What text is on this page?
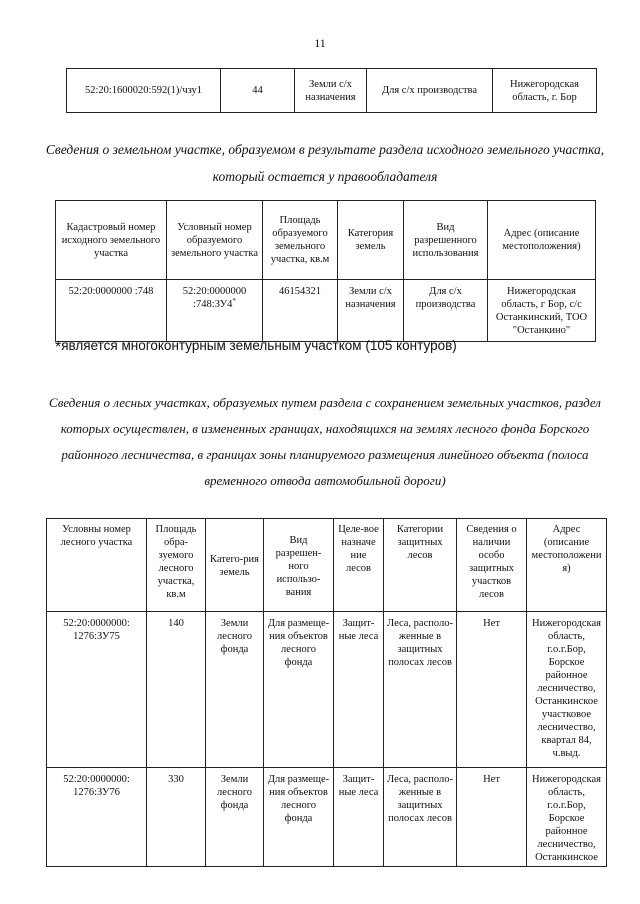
11
52:20:1600020:592(1)/чзу1	44	Земли с/х назначения	Для с/х производства	Нижегородская область, г. Бор
Сведения о земельном участке, образуемом в результате раздела исходного земельного участка, который остается у правообладателя
Кадастровый номер исходного земельного участка	Условный номер образуемого земельного участка	Площадь образуемого земельного участка, кв.м	Категория земель	Вид разрешенного использования	Адрес (описание местоположения)
52:20:0000000 :748	52:20:0000000 :748:ЗУ4*	46154321	Земли с/х назначения	Для с/х производства	Нижегородская область, г Бор, с/с Останкинский, ТОО "Останкино"
*является многоконтурным земельным участком (105 контуров)
Сведения о лесных участках, образуемых путем раздела с сохранением земельных участков, раздел которых осуществлен, в измененных границах, находящихся на землях лесного фонда Борского районного лесничества, в границах зоны планируемого размещения линейного объекта (полоса временного отвода автомобильной дороги)
Условны номер лесного участка	Площадь обра-зуемого лесного участка, кв.м	Катего-рия земель	Вид разрешен-ного использо-вания	Целе-вое назначе ние лесов	Категории защитных лесов	Сведения о наличии особо защитных участков лесов	Адрес (описание местоположени я)
52:20:0000000: 1276:ЗУ75	140	Земли лесного фонда	Для размеще-ния объектов лесного фонда	Защит-ные леса	Леса, располо-женные в защитных полосах лесов	Нет	Нижегородская область, г.о.г.Бор, Борское районное лесничество, Останкинское участковое лесничество, квартал 84, ч.выд.
52:20:0000000: 1276:ЗУ76	330	Земли лесного фонда	Для размеще-ния объектов лесного фонда	Защит-ные леса	Леса, располо-женные в защитных полосах лесов	Нет	Нижегородская область, г.о.г.Бор, Борское районное лесничество, Останкинское
